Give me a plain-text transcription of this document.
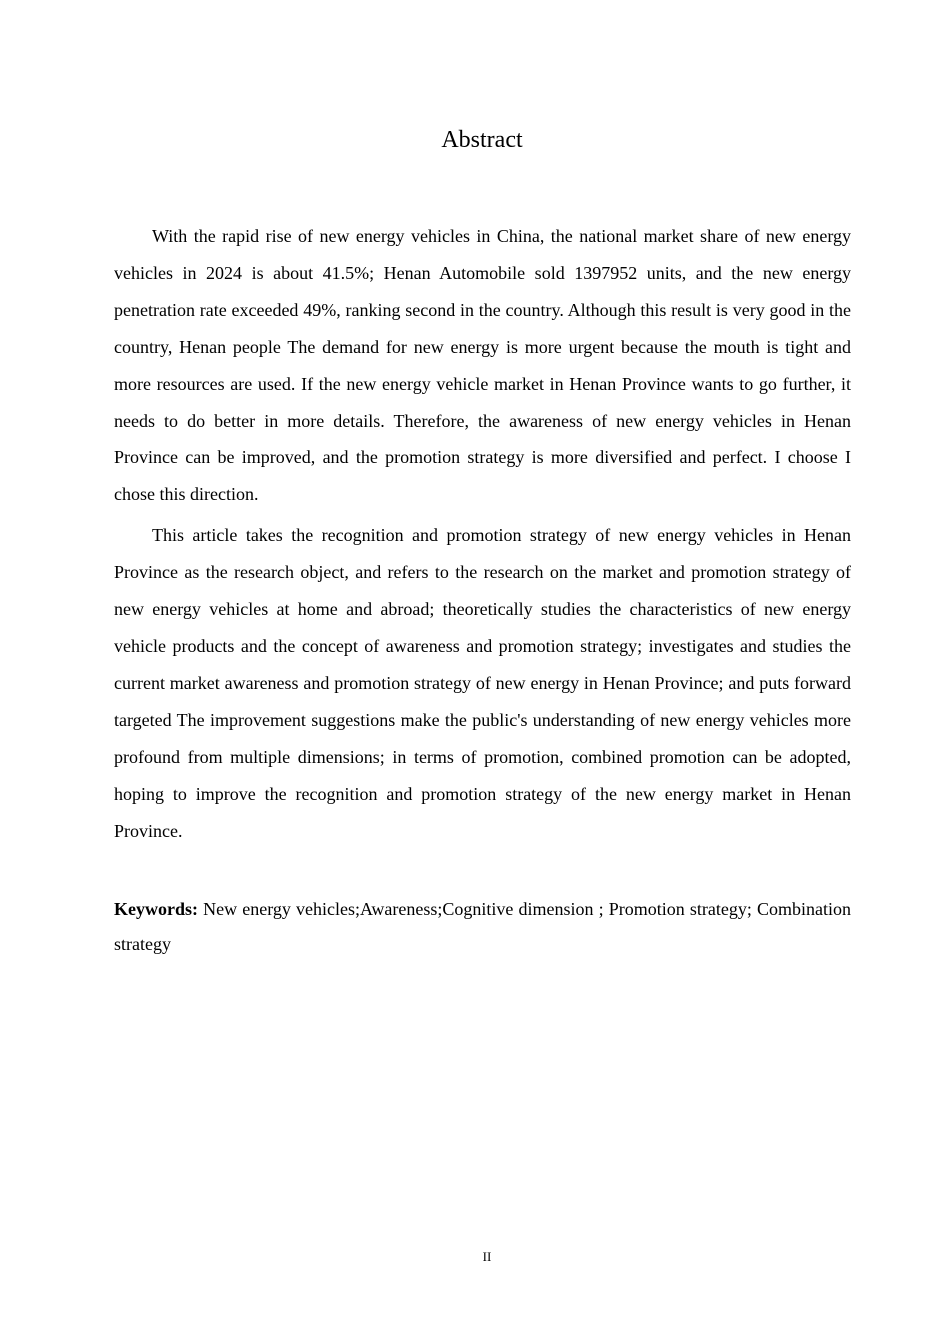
Abstract

With the rapid rise of new energy vehicles in China, the national market share of new energy vehicles in 2024 is about 41.5%; Henan Automobile sold 1397952 units, and the new energy penetration rate exceeded 49%, ranking second in the country. Although this result is very good in the country, Henan people The demand for new energy is more urgent because the mouth is tight and more resources are used. If the new energy vehicle market in Henan Province wants to go further, it needs to do better in more details. Therefore, the awareness of new energy vehicles in Henan Province can be improved, and the promotion strategy is more diversified and perfect. I choose I chose this direction.

This article takes the recognition and promotion strategy of new energy vehicles in Henan Province as the research object, and refers to the research on the market and promotion strategy of new energy vehicles at home and abroad; theoretically studies the characteristics of new energy vehicle products and the concept of awareness and promotion strategy; investigates and studies the current market awareness and promotion strategy of new energy in Henan Province; and puts forward targeted The improvement suggestions make the public's understanding of new energy vehicles more profound from multiple dimensions; in terms of promotion, combined promotion can be adopted, hoping to improve the recognition and promotion strategy of the new energy market in Henan Province.

Keywords: New energy vehicles;Awareness;Cognitive dimension ; Promotion strategy; Combination strategy

II
